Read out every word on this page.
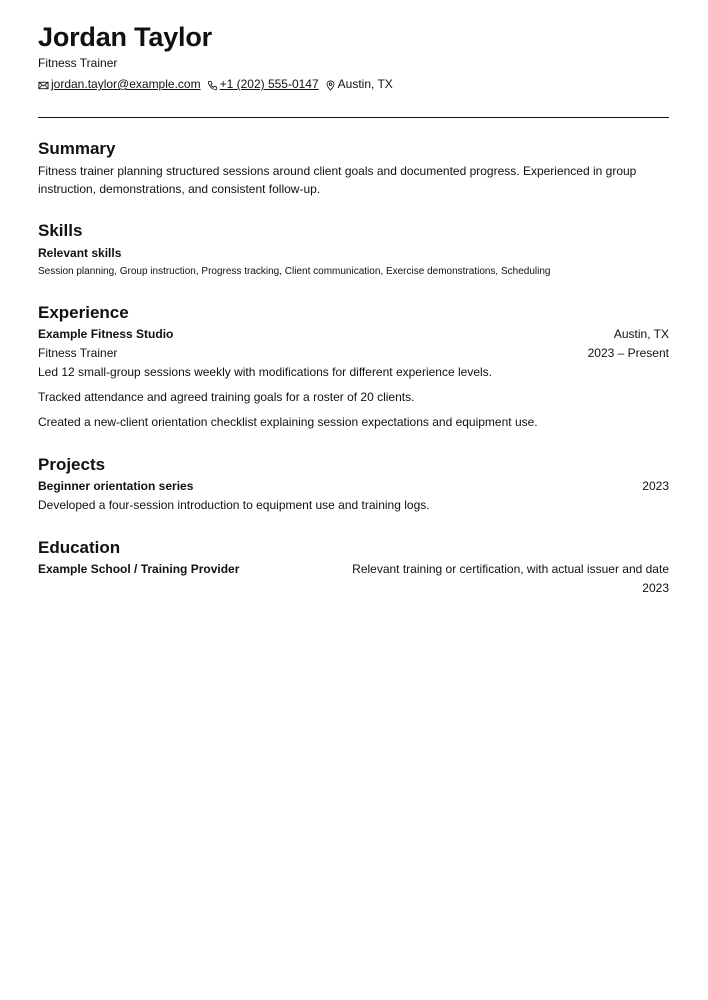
Jordan Taylor
Fitness Trainer
jordan.taylor@example.com +1 (202) 555-0147 Austin, TX
Summary
Fitness trainer planning structured sessions around client goals and documented progress. Experienced in group instruction, demonstrations, and consistent follow-up.
Skills
Relevant skills
Session planning, Group instruction, Progress tracking, Client communication, Exercise demonstrations, Scheduling
Experience
Example Fitness Studio	Austin, TX
Fitness Trainer	2023 – Present
Led 12 small-group sessions weekly with modifications for different experience levels.
Tracked attendance and agreed training goals for a roster of 20 clients.
Created a new-client orientation checklist explaining session expectations and equipment use.
Projects
Beginner orientation series	2023
Developed a four-session introduction to equipment use and training logs.
Education
Example School / Training Provider	Relevant training or certification, with actual issuer and date
2023
